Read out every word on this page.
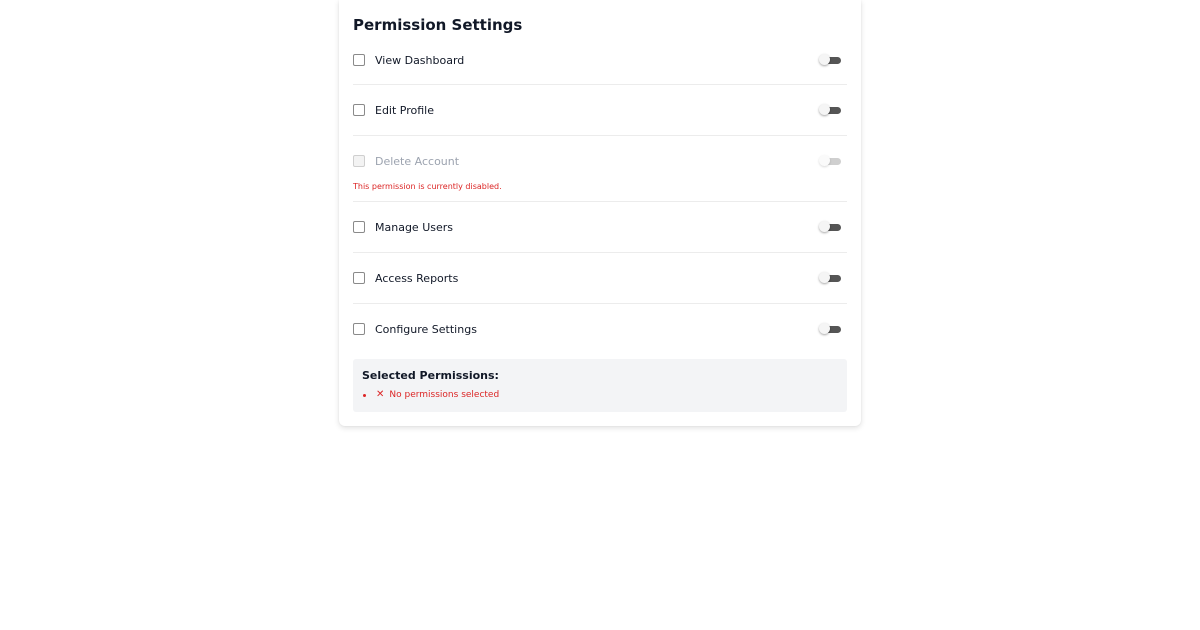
Permission Settings
View Dashboard
Edit Profile
Delete Account
This permission is currently disabled.
Manage Users
Access Reports
Configure Settings
Selected Permissions:
✕ No permissions selected
